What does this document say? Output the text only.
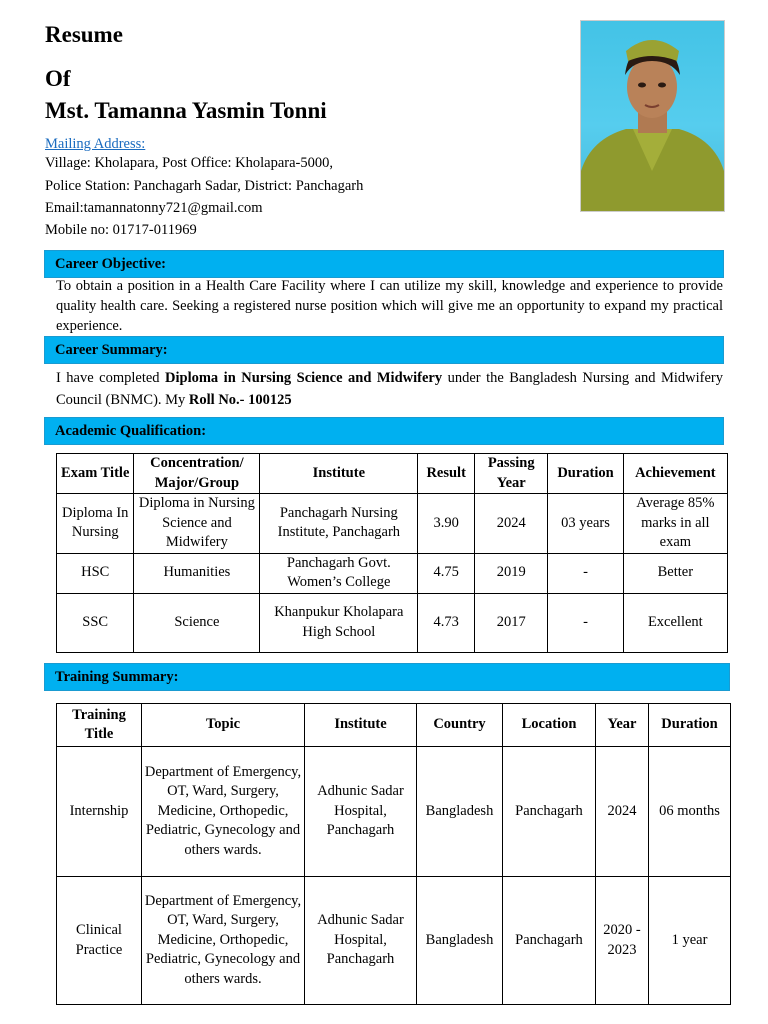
Resume
Of
Mst. Tamanna Yasmin Tonni
Mailing Address:
Village: Kholapara, Post Office: Kholapara-5000,
Police Station: Panchagarh Sadar, District: Panchagarh
Email:tamannatonny721@gmail.com
Mobile no: 01717-011969
Career Objective:
To obtain a position in a Health Care Facility where I can utilize my skill, knowledge and experience to provide quality health care. Seeking a registered nurse position which will give me an opportunity to expand my practical experience.
Career Summary:
I have completed Diploma in Nursing Science and Midwifery under the Bangladesh Nursing and Midwifery Council (BNMC). My Roll No.- 100125
Academic Qualification:
Exam Title	Concentration/ Major/Group	Institute	Result	Passing Year	Duration	Achievement
Diploma In Nursing	Diploma in Nursing Science and Midwifery	Panchagarh Nursing Institute, Panchagarh	3.90	2024	03 years	Average 85% marks in all exam
HSC	Humanities	Panchagarh Govt. Women’s College	4.75	2019	-	Better
SSC	Science	Khanpukur Kholapara High School	4.73	2017	-	Excellent
Training Summary:
Training Title	Topic	Institute	Country	Location	Year	Duration
Internship	Department of Emergency, OT, Ward, Surgery, Medicine, Orthopedic, Pediatric, Gynecology and others wards.	Adhunic Sadar Hospital, Panchagarh	Bangladesh	Panchagarh	2024	06 months
Clinical Practice	Department of Emergency, OT, Ward, Surgery, Medicine, Orthopedic, Pediatric, Gynecology and others wards.	Adhunic Sadar Hospital, Panchagarh	Bangladesh	Panchagarh	2020 - 2023	1 year
